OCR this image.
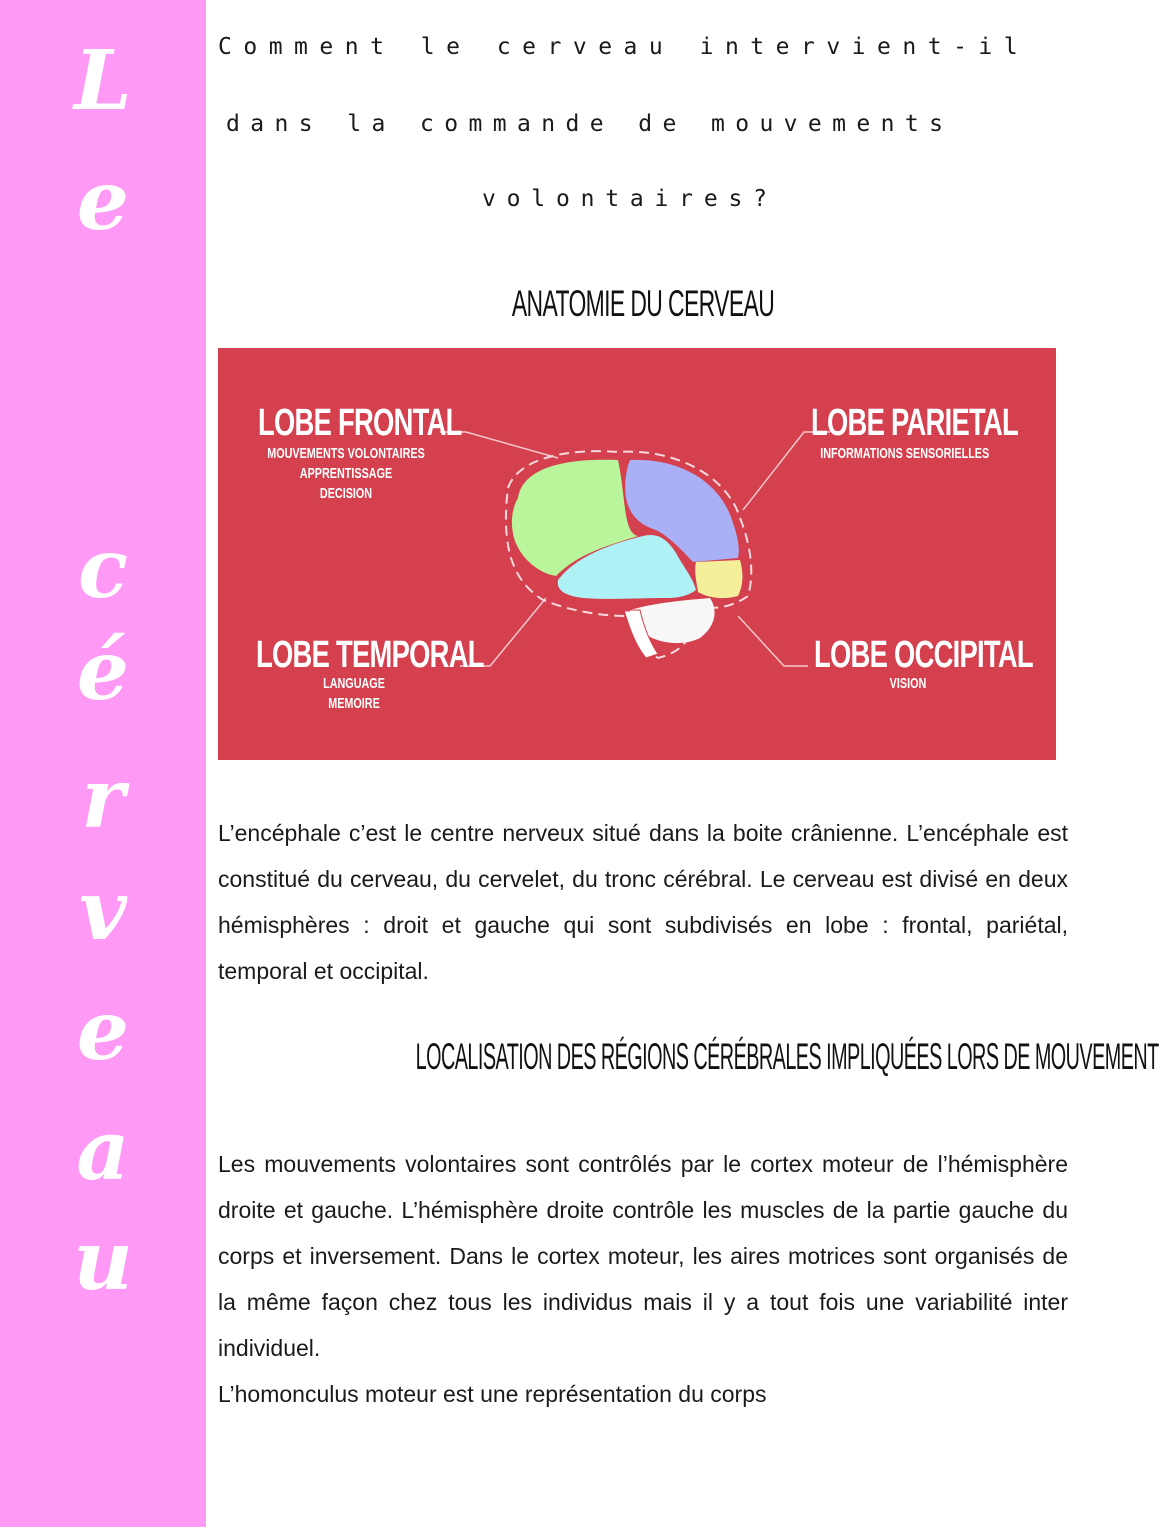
L
e
c
é
r
v
e
a
u
Comment le cerveau intervient-il
dans la commande de mouvements
volontaires?
ANATOMIE DU CERVEAU
LOBE FRONTAL
MOUVEMENTS VOLONTAIRES
APPRENTISSAGE
DECISION
LOBE PARIETAL
INFORMATIONS SENSORIELLES
LOBE TEMPORAL
LANGUAGE
MEMOIRE
LOBE OCCIPITAL
VISION

L’encéphale c’est le centre nerveux situé dans la boite crânienne. L’encéphale est constitué du cerveau, du cervelet, du tronc cérébral. Le cerveau est divisé en deux hémisphères : droit et gauche qui sont subdivisés en lobe : frontal, pariétal, temporal et occipital.

LOCALISATION DES RÉGIONS CÉRÉBRALES IMPLIQUÉES LORS DE MOUVEMENT

Les mouvements volontaires sont contrôlés par le cortex moteur de l’hémisphère droite et gauche. L’hémisphère droite contrôle les muscles de la partie gauche du corps et inversement. Dans le cortex moteur, les aires motrices sont organisés de la même façon chez tous les individus mais il y a tout fois une variabilité inter individuel.

L’homonculus moteur est une représentation du corps
